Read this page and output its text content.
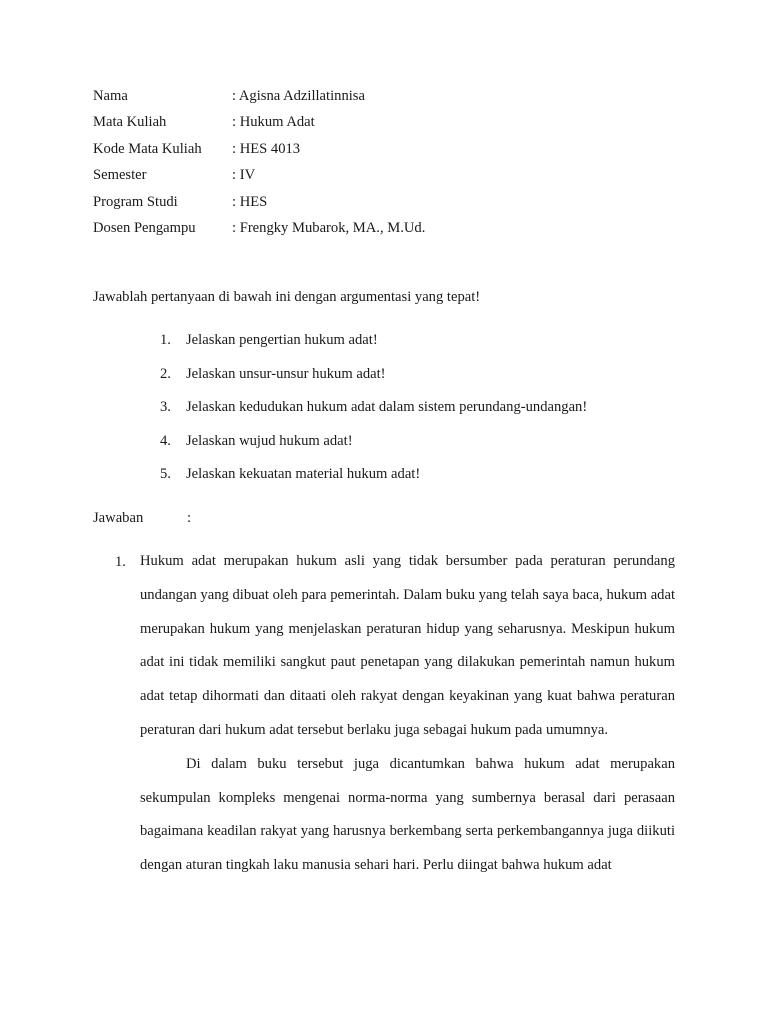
Nama	: Agisna Adzillatinnisa
Mata Kuliah	: Hukum Adat
Kode Mata Kuliah	: HES 4013
Semester	: IV
Program Studi	: HES
Dosen Pengampu	: Frengky Mubarok, MA., M.Ud.
Jawablah pertanyaan di bawah ini dengan argumentasi yang tepat!
1. Jelaskan pengertian hukum adat!
2. Jelaskan unsur-unsur hukum adat!
3. Jelaskan kedudukan hukum adat dalam sistem perundang-undangan!
4. Jelaskan wujud hukum adat!
5. Jelaskan kekuatan material hukum adat!
Jawaban	:
1. Hukum adat merupakan hukum asli yang tidak bersumber pada peraturan perundang undangan yang dibuat oleh para pemerintah. Dalam buku yang telah saya baca, hukum adat merupakan hukum yang menjelaskan peraturan hidup yang seharusnya. Meskipun hukum adat ini tidak memiliki sangkut paut penetapan yang dilakukan pemerintah namun hukum adat tetap dihormati dan ditaati oleh rakyat dengan keyakinan yang kuat bahwa peraturan peraturan dari hukum adat tersebut berlaku juga sebagai hukum pada umumnya.

Di dalam buku tersebut juga dicantumkan bahwa hukum adat merupakan sekumpulan kompleks mengenai norma-norma yang sumbernya berasal dari perasaan bagaimana keadilan rakyat yang harusnya berkembang serta perkembangannya juga diikuti dengan aturan tingkah laku manusia sehari hari. Perlu diingat bahwa hukum adat
